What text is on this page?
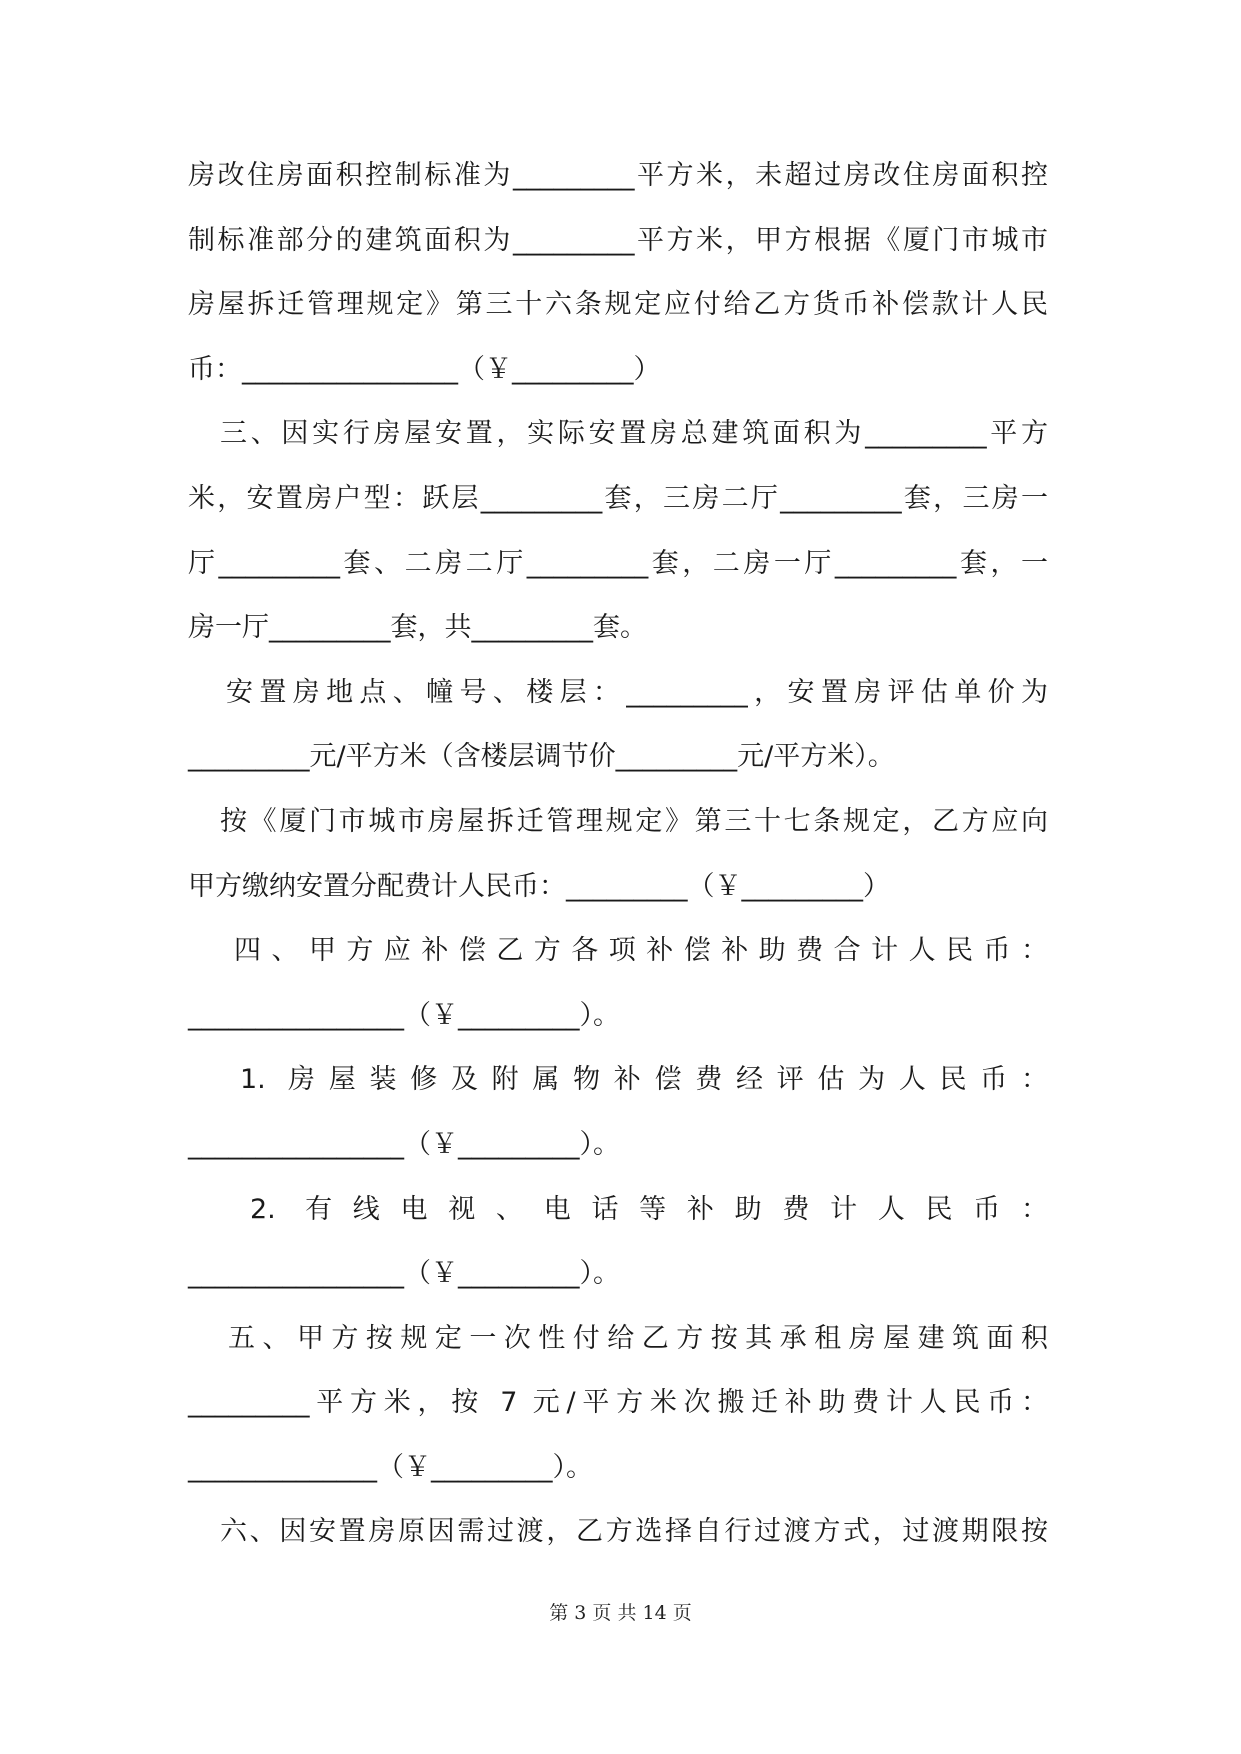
房改住房面积控制标准为_________平方米，未超过房改住房面积控

制标准部分的建筑面积为_________平方米，甲方根据《厦门市城市

房屋拆迁管理规定》第三十六条规定应付给乙方货币补偿款计人民

币：________________（￥_________）

三、因实行房屋安置，实际安置房总建筑面积为_________平方

米，安置房户型：跃层_________套，三房二厅_________套，三房一

厅_________套、二房二厅_________套，二房一厅_________套，一

房一厅_________套，共_________套。

安置房地点、幢号、楼层：_________，安置房评估单价为

_________元/平方米（含楼层调节价_________元/平方米）。

按《厦门市城市房屋拆迁管理规定》第三十七条规定，乙方应向

甲方缴纳安置分配费计人民币：_________（￥_________）

四、甲方应补偿乙方各项补偿补助费合计人民币：

________________（￥_________）。

1. 房屋装修及附属物补偿费经评估为人民币：

________________（￥_________）。

2. 有线电视、电话等补助费计人民币：

________________（￥_________）。

五、甲方按规定一次性付给乙方按其承租房屋建筑面积

_________平方米，按 7 元/平方米次搬迁补助费计人民币：

______________（￥_________）。

六、因安置房原因需过渡，乙方选择自行过渡方式，过渡期限按

第 3 页 共 14 页
